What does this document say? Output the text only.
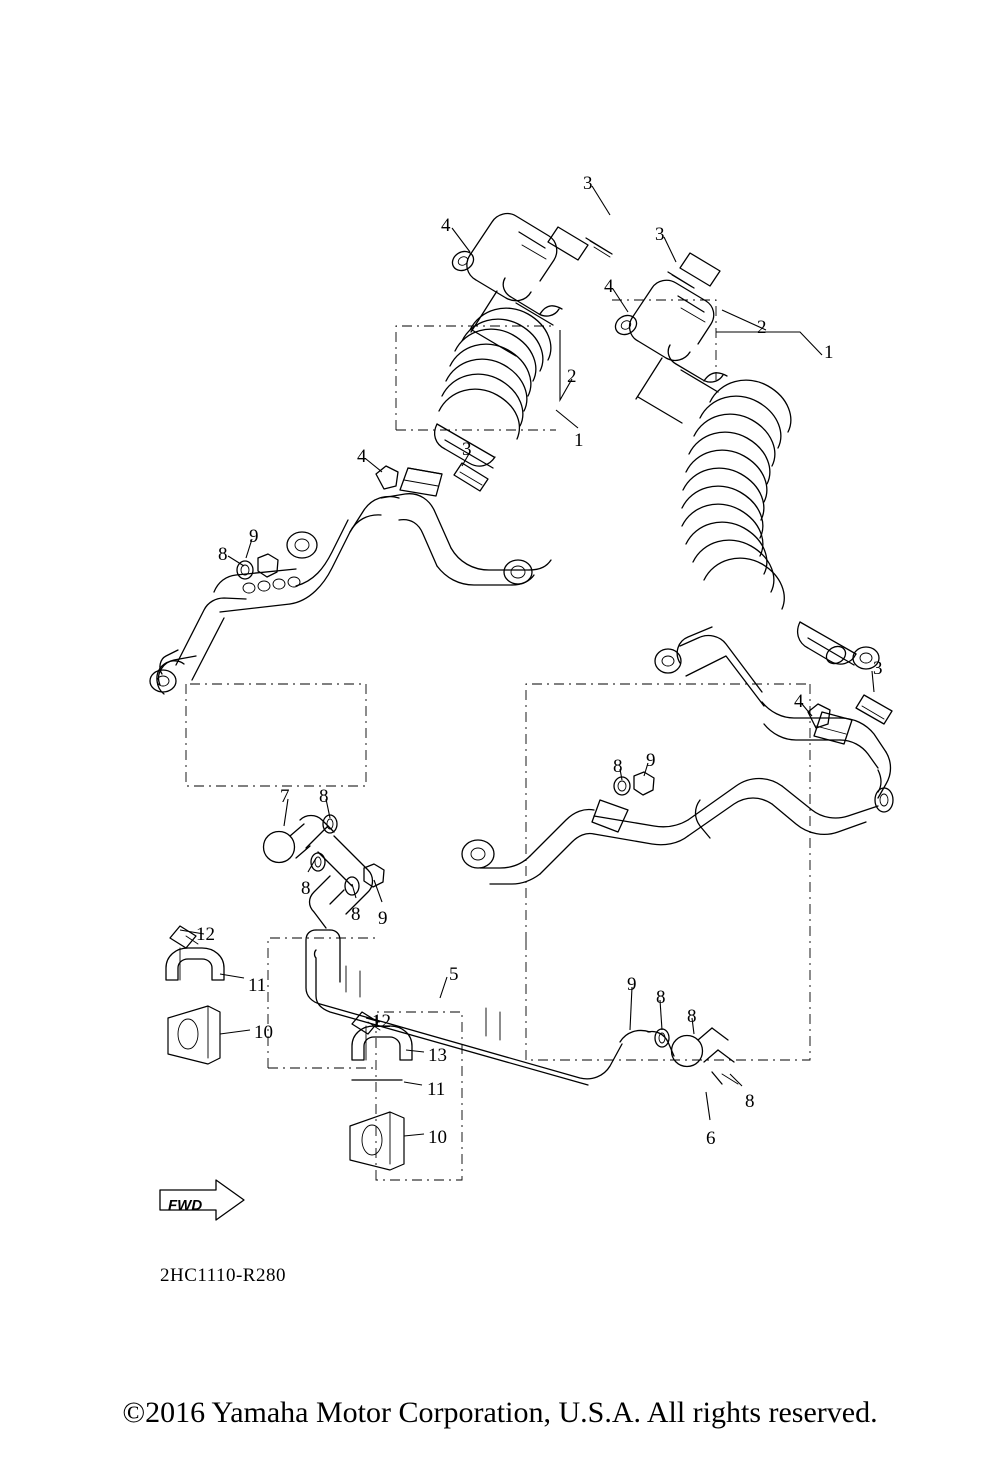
3
4	3
4
2
1
2
1
4	3
9
8
3
4
8 9
7 8
8
8 9
12
11
5	9
8
8
10
12
13
11
8
6
10
2HC1110-R280
FWD
©2016 Yamaha Motor Corporation, U.S.A. All rights reserved.
